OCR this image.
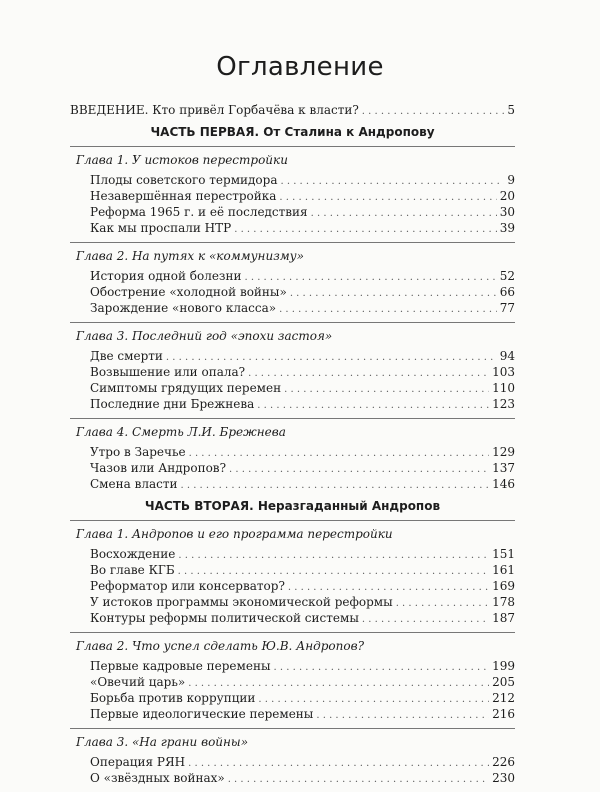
Оглавление
ВВЕДЕНИЕ. Кто привёл Горбачёва к власти? . . .	5
ЧАСТЬ ПЕРВАЯ. От Сталина к Андропову
Глава 1. У истоков перестройки
Плоды советского термидора . . .	9
Незавершённая перестройка . . .	20
Реформа 1965 г. и её последствия . . .	30
Как мы проспали НТР . . .	39
Глава 2. На путях к «коммунизму»
История одной болезни . . .	52
Обострение «холодной войны» . . .	66
Зарождение «нового класса» . . .	77
Глава 3. Последний год «эпохи застоя»
Две смерти . . .	94
Возвышение или опала? . . .	103
Симптомы грядущих перемен . . .	110
Последние дни Брежнева . . .	123
Глава 4. Смерть Л.И. Брежнева
Утро в Заречье . . .	129
Чазов или Андропов? . . .	137
Смена власти . . .	146
ЧАСТЬ ВТОРАЯ. Неразгаданный Андропов
Глава 1. Андропов и его программа перестройки
Восхождение . . .	151
Во главе КГБ . . .	161
Реформатор или консерватор? . . .	169
У истоков программы экономической реформы . . .	178
Контуры реформы политической системы . . .	187
Глава 2. Что успел сделать Ю.В. Андропов?
Первые кадровые перемены . . .	199
«Овечий царь» . . .	205
Борьба против коррупции . . .	212
Первые идеологические перемены . . .	216
Глава 3. «На грани войны»
Операция РЯН . . .	226
О «звёздных войнах» . . .	230
